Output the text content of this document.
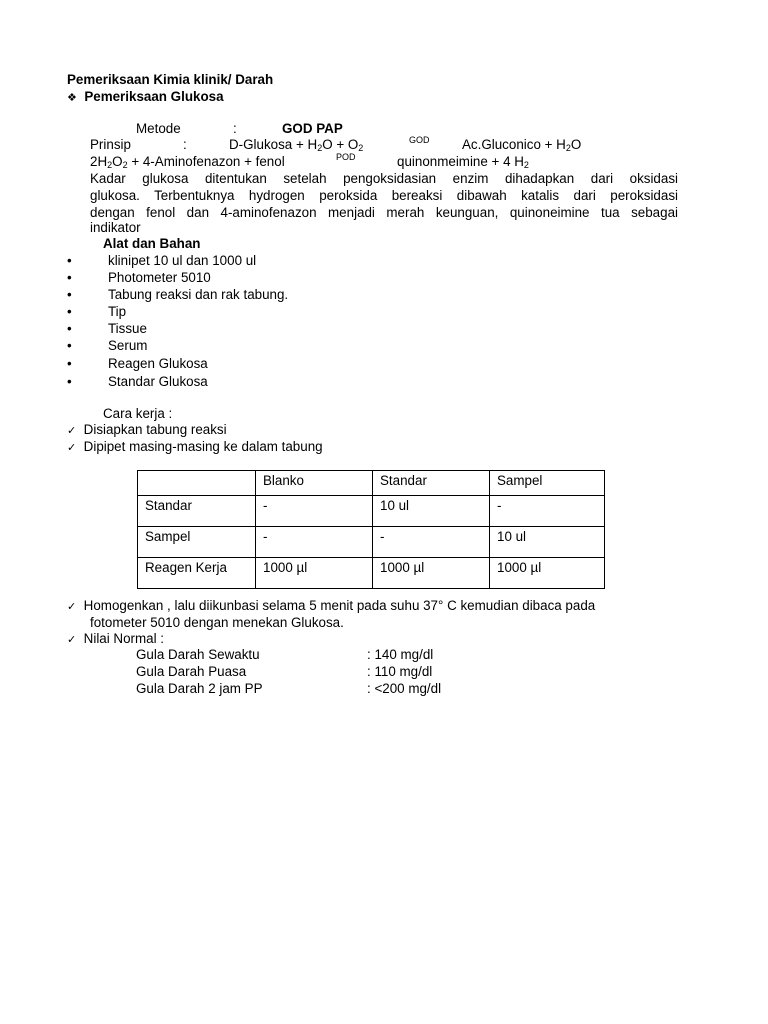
Pemeriksaan Kimia klinik/ Darah
❖ Pemeriksaan Glukosa
Metode	:	GOD PAP
Prinsip	:	D-Glukosa + $H_2O + O_2$
GOD Ac.Gluconico + $H_2O$
$2H_2O_2$ + 4-Aminofenazon + fenol	POD	quinonmeimine + 4 $H_2$
Kadar glukosa ditentukan setelah pengoksidasian enzim dihadapkan dari oksidasi
glukosa. Terbentuknya hydrogen peroksida bereaksi dibawah katalis dari peroksidasi
dengan fenol dan 4-aminofenazon menjadi merah keunguan, quinoneimine tua sebagai
indikator
Alat dan Bahan
•	klinipet 10 ul dan 1000 ul
•	Photometer 5010
•	Tabung reaksi dan rak tabung.
•	Tip
•	Tissue
•	Serum
•	Reagen Glukosa
•	Standar Glukosa
Cara kerja :
✓ Disiapkan tabung reaksi
✓ Dipipet masing-masing ke dalam tabung
	Blanko	Standar	Sampel
Standar	-	10 ul	-
Sampel	-	-	10 ul
Reagen Kerja	1000 µl	1000 µl	1000 µl
✓ Homogenkan , lalu diikunbasi selama 5 menit pada suhu 37° C kemudian dibaca pada
fotometer 5010 dengan menekan Glukosa.
✓ Nilai Normal :
Gula Darah Sewaktu	: 140 mg/dl
Gula Darah Puasa	: 110 mg/dl
Gula Darah 2 jam PP	: <200 mg/dl
